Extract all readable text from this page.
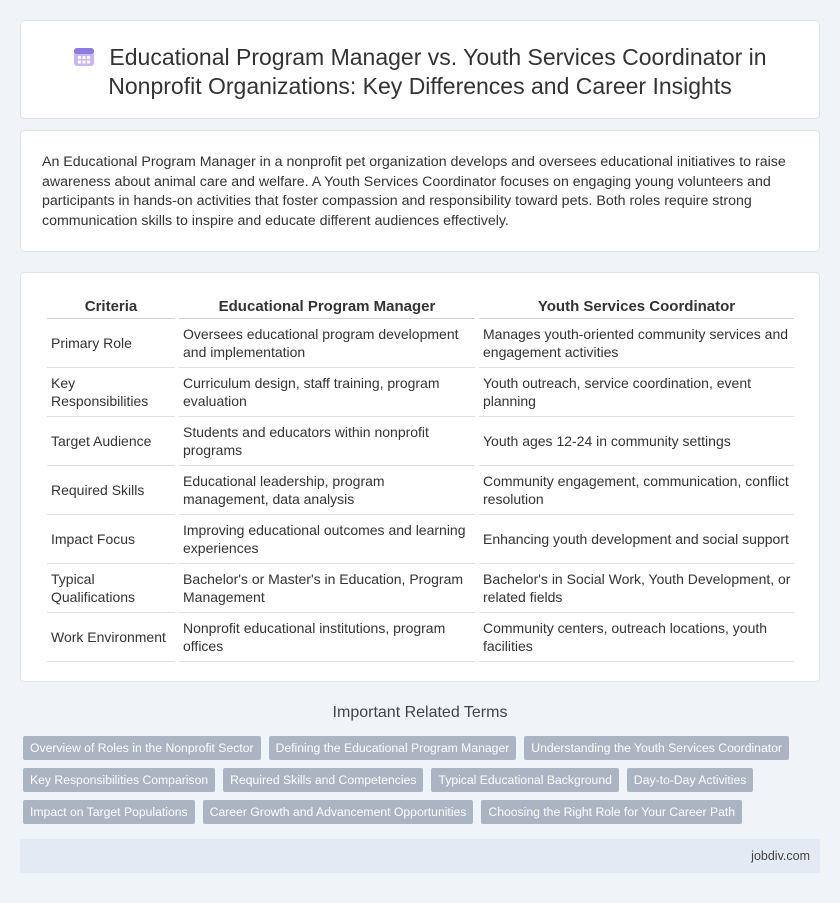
Educational Program Manager vs. Youth Services Coordinator in Nonprofit Organizations: Key Differences and Career Insights

An Educational Program Manager in a nonprofit pet organization develops and oversees educational initiatives to raise awareness about animal care and welfare. A Youth Services Coordinator focuses on engaging young volunteers and participants in hands-on activities that foster compassion and responsibility toward pets. Both roles require strong communication skills to inspire and educate different audiences effectively.

Criteria	Educational Program Manager	Youth Services Coordinator
Primary Role	Oversees educational program development and implementation	Manages youth-oriented community services and engagement activities
Key Responsibilities	Curriculum design, staff training, program evaluation	Youth outreach, service coordination, event planning
Target Audience	Students and educators within nonprofit programs	Youth ages 12-24 in community settings
Required Skills	Educational leadership, program management, data analysis	Community engagement, communication, conflict resolution
Impact Focus	Improving educational outcomes and learning experiences	Enhancing youth development and social support
Typical Qualifications	Bachelor's or Master's in Education, Program Management	Bachelor's in Social Work, Youth Development, or related fields
Work Environment	Nonprofit educational institutions, program offices	Community centers, outreach locations, youth facilities
Important Related Terms
Overview of Roles in the Nonprofit Sector	Defining the Educational Program Manager	Understanding the Youth Services Coordinator
Key Responsibilities Comparison	Required Skills and Competencies	Typical Educational Background	Day-to-Day Activities
Impact on Target Populations	Career Growth and Advancement Opportunities	Choosing the Right Role for Your Career Path
jobdiv.com
